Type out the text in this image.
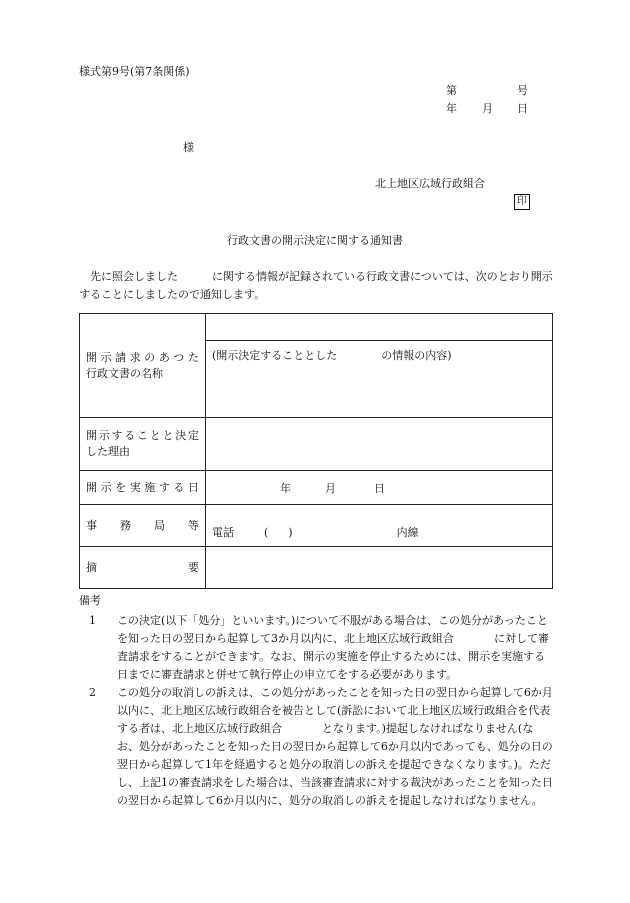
様式第9号(第7条関係)
第	号
年 月 日
様
北上地区広域行政組合
印
行政文書の開示決定に関する通知書
　先に照会しました	に関する情報が記録されている行政文書については、次のとおり開示することにしましたので通知します。
開示請求のあつた
行政文書の名称	

	(開示決定することとした の情報の内容)

開示することと決定
した理由	

開示を実施する日	年 月 日

事務局等	電話 ( ) 内線

摘要	

備考
1	この決定(以下「処分」といいます。)について不服がある場合は、この処分があったことを知った日の翌日から起算して3か月以内に、北上地区広域行政組合	に対して審査請求をすることができます。なお、開示の実施を停止するためには、開示を実施する日までに審査請求と併せて執行停止の申立てをする必要があります。

2	この処分の取消しの訴えは、この処分があったことを知った日の翌日から起算して6か月以内に、北上地区広域行政組合を被告として(訴訟において北上地区広域行政組合を代表する者は、北上地区広域行政組合	となります。)提起しなければなりません(なお、処分があったことを知った日の翌日から起算して6か月以内であっても、処分の日の翌日から起算して1年を経過すると処分の取消しの訴えを提起できなくなります。)。ただし、上記1の審査請求をした場合は、当該審査請求に対する裁決があったことを知った日の翌日から起算して6か月以内に、処分の取消しの訴えを提起しなければなりません。
